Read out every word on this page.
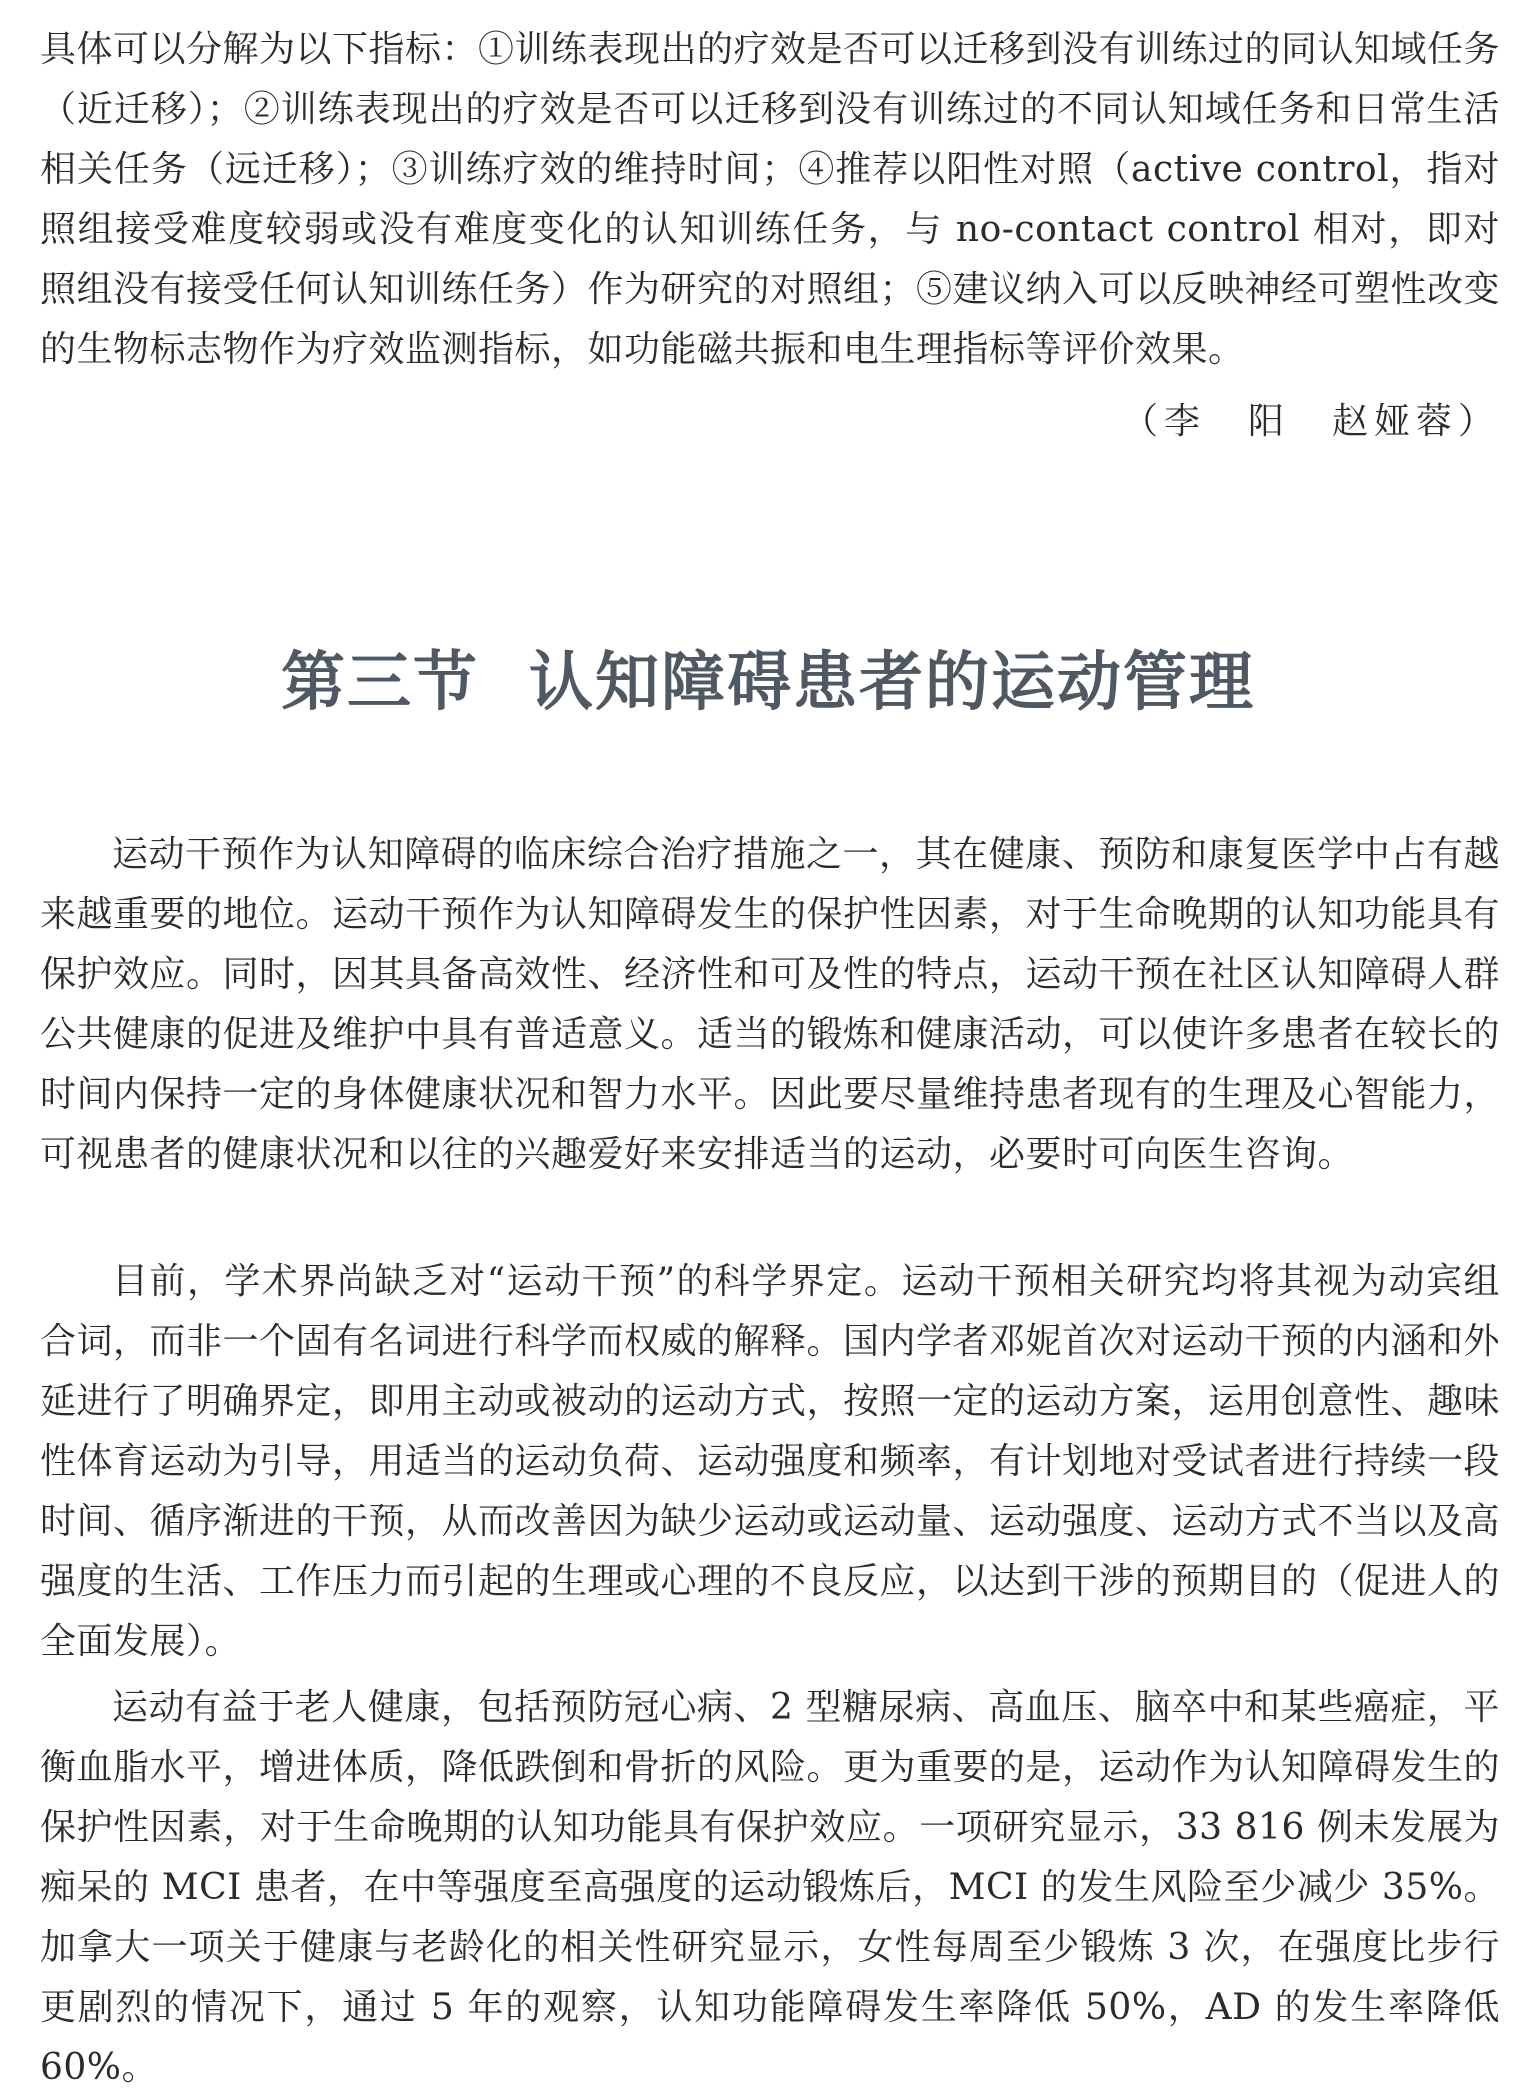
具体可以分解为以下指标：①训练表现出的疗效是否可以迁移到没有训练过的同认知域任务（近迁移）；②训练表现出的疗效是否可以迁移到没有训练过的不同认知域任务和日常生活相关任务（远迁移）；③训练疗效的维持时间；④推荐以阳性对照（active control，指对照组接受难度较弱或没有难度变化的认知训练任务，与 no-contact control 相对，即对照组没有接受任何认知训练任务）作为研究的对照组；⑤建议纳入可以反映神经可塑性改变的生物标志物作为疗效监测指标，如功能磁共振和电生理指标等评价效果。

（李　阳　赵娅蓉）

第三节 认知障碍患者的运动管理

运动干预作为认知障碍的临床综合治疗措施之一，其在健康、预防和康复医学中占有越来越重要的地位。运动干预作为认知障碍发生的保护性因素，对于生命晚期的认知功能具有保护效应。同时，因其具备高效性、经济性和可及性的特点，运动干预在社区认知障碍人群公共健康的促进及维护中具有普适意义。适当的锻炼和健康活动，可以使许多患者在较长的时间内保持一定的身体健康状况和智力水平。因此要尽量维持患者现有的生理及心智能力，可视患者的健康状况和以往的兴趣爱好来安排适当的运动，必要时可向医生咨询。

目前，学术界尚缺乏对“运动干预”的科学界定。运动干预相关研究均将其视为动宾组合词，而非一个固有名词进行科学而权威的解释。国内学者邓妮首次对运动干预的内涵和外延进行了明确界定，即用主动或被动的运动方式，按照一定的运动方案，运用创意性、趣味性体育运动为引导，用适当的运动负荷、运动强度和频率，有计划地对受试者进行持续一段时间、循序渐进的干预，从而改善因为缺少运动或运动量、运动强度、运动方式不当以及高强度的生活、工作压力而引起的生理或心理的不良反应，以达到干涉的预期目的（促进人的全面发展）。

运动有益于老人健康，包括预防冠心病、2 型糖尿病、高血压、脑卒中和某些癌症，平衡血脂水平，增进体质，降低跌倒和骨折的风险。更为重要的是，运动作为认知障碍发生的保护性因素，对于生命晚期的认知功能具有保护效应。一项研究显示，33 816 例未发展为痴呆的 MCI 患者，在中等强度至高强度的运动锻炼后，MCI 的发生风险至少减少 35%。加拿大一项关于健康与老龄化的相关性研究显示，女性每周至少锻炼 3 次，在强度比步行更剧烈的情况下，通过 5 年的观察，认知功能障碍发生率降低 50%，AD 的发生率降低 60%。
